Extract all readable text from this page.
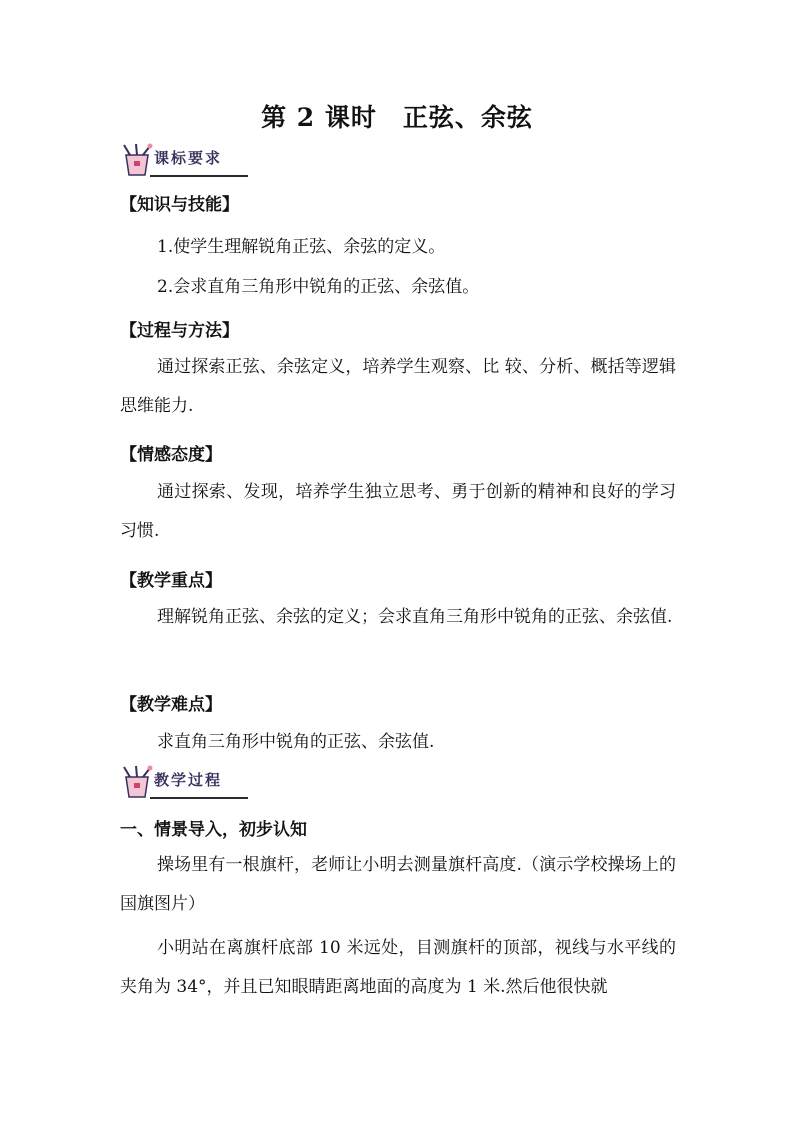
第 2 课时　正弦、余弦
课标要求
【知识与技能】

1.使学生理解锐角正弦、余弦的定义。

2.会求直角三角形中锐角的正弦、余弦值。

【过程与方法】

通过探索正弦、余弦定义，培养学生观察、比 较、分析、概括等逻辑思维能力.

【情感态度】

通过探索、发现，培养学生独立思考、勇于创新的精神和良好的学习习惯.

【教学重点】

理解锐角正弦、余弦的定义；会求直角三角形中锐角的正弦、余弦值.

【教学难点】

求直角三角形中锐角的正弦、余弦值.

教学过程
一、情景导入，初步认知

操场里有一根旗杆，老师让小明去测量旗杆高度.（演示学校操场上的国旗图片）

小明站在离旗杆底部 10 米远处，目测旗杆的顶部，视线与水平线的夹角为 34°，并且已知眼睛距离地面的高度为 1 米.然后他很快就
